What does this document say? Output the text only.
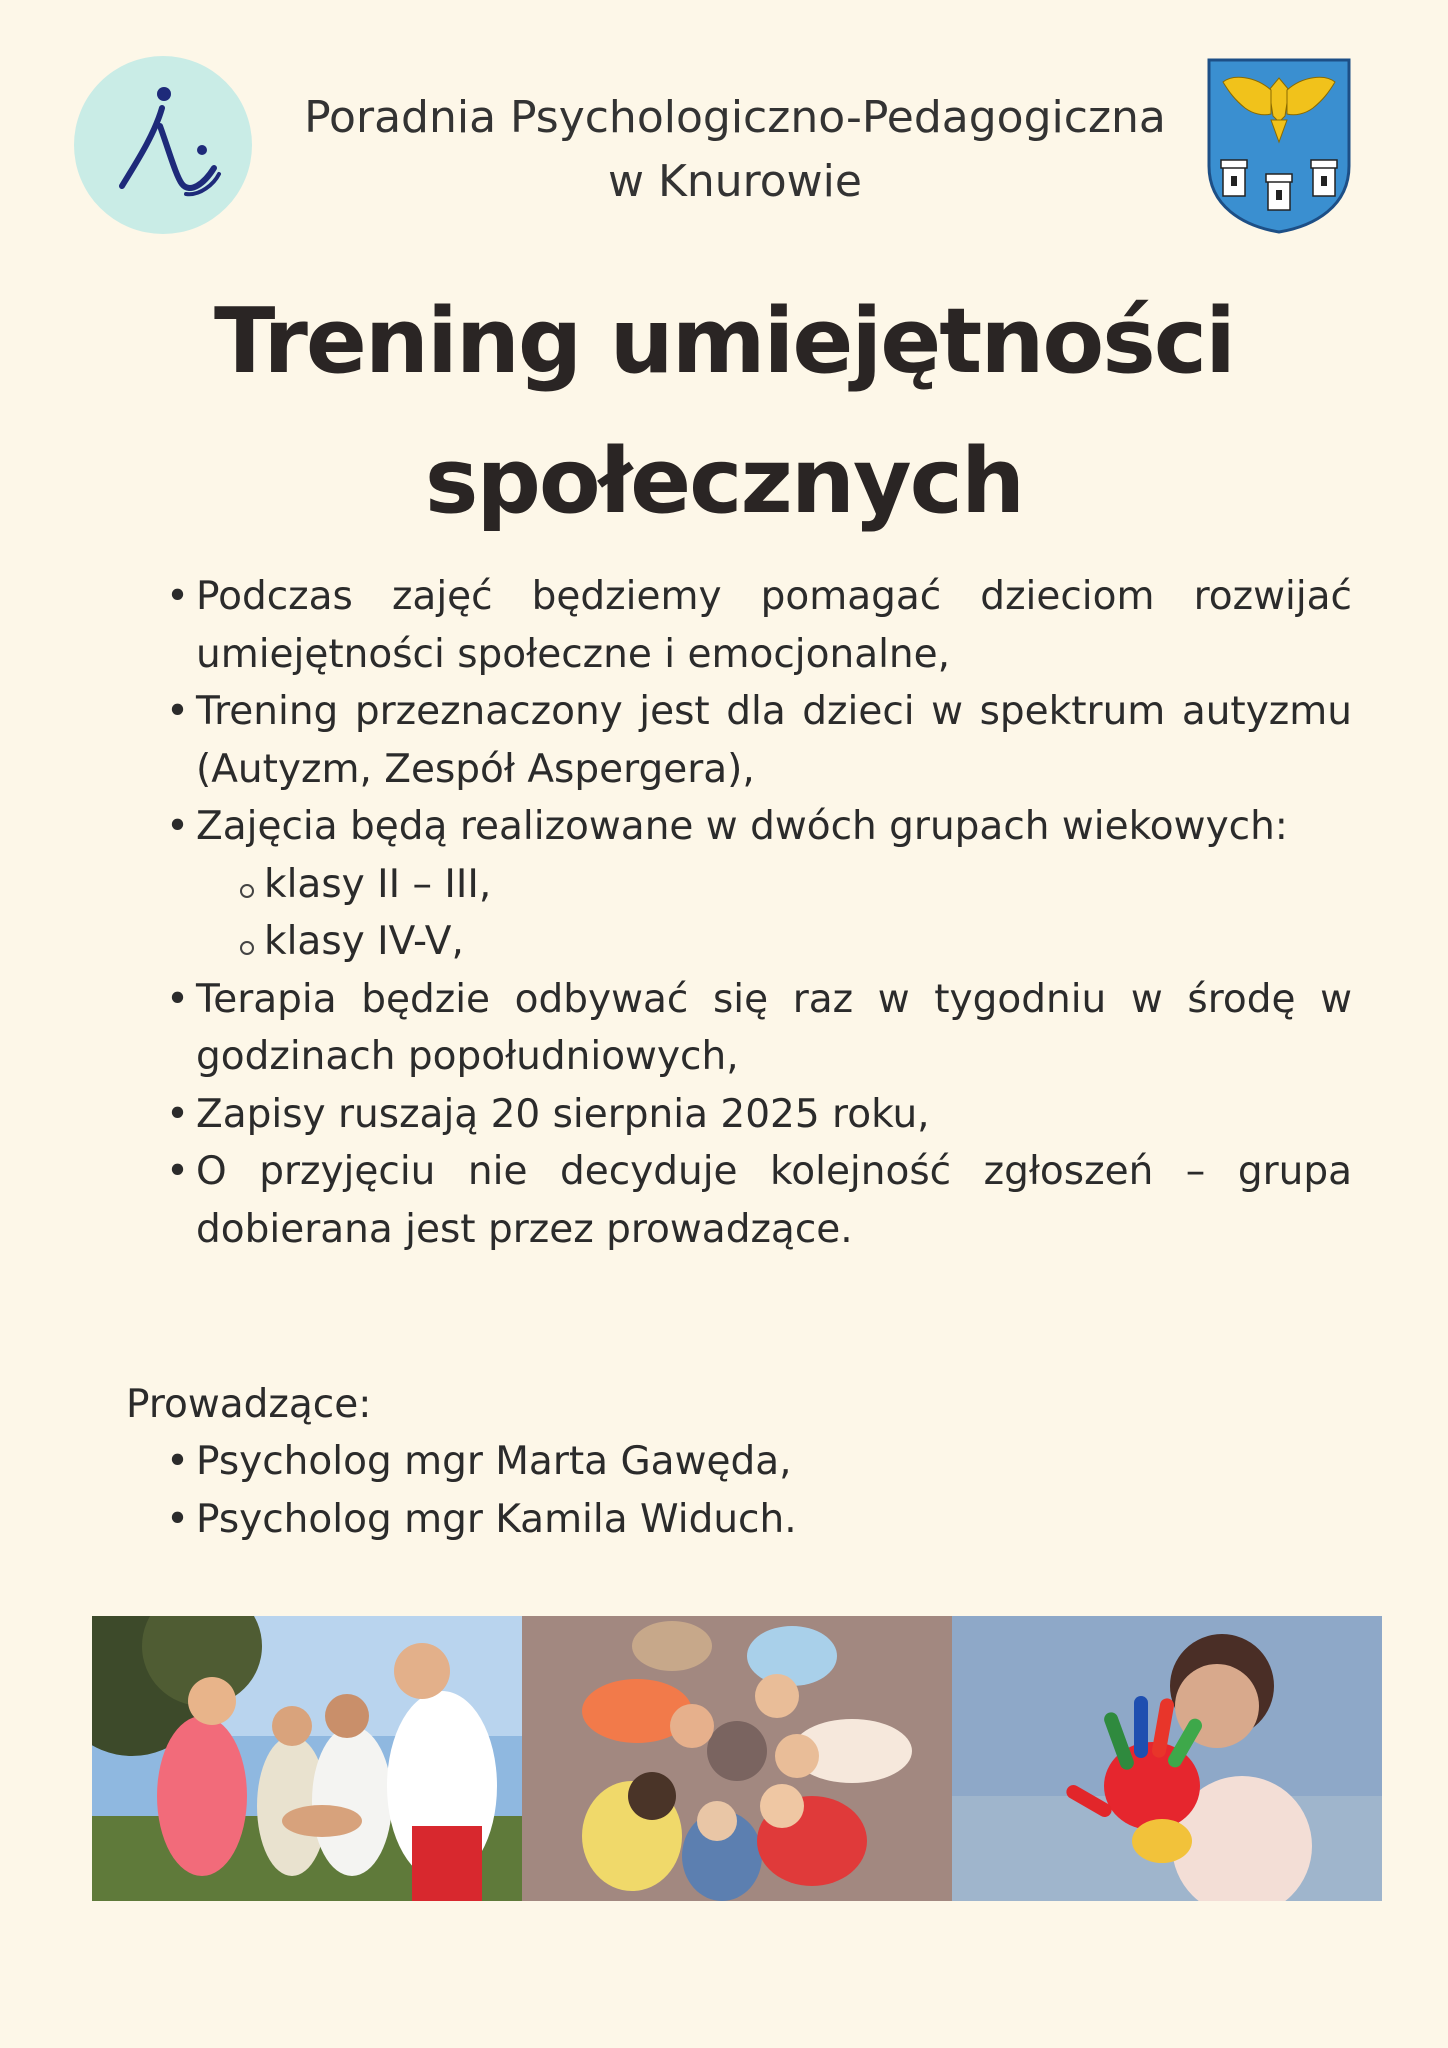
Poradnia Psychologiczno-Pedagogiczna
w Knurowie
Trening umiejętności
społecznych
• Podczas zajęć będziemy pomagać dzieciom rozwijać umiejętności społeczne i emocjonalne,
• Trening przeznaczony jest dla dzieci w spektrum autyzmu (Autyzm, Zespół Aspergera),
• Zajęcia będą realizowane w dwóch grupach wiekowych:
klasy II – III,
klasy IV-V,
• Terapia będzie odbywać się raz w tygodniu w środę w godzinach popołudniowych,
• Zapisy ruszają 20 sierpnia 2025 roku,
• O przyjęciu nie decyduje kolejność zgłoszeń – grupa dobierana jest przez prowadzące.
Prowadzące:
• Psycholog mgr Marta Gawęda,
• Psycholog mgr Kamila Widuch.
